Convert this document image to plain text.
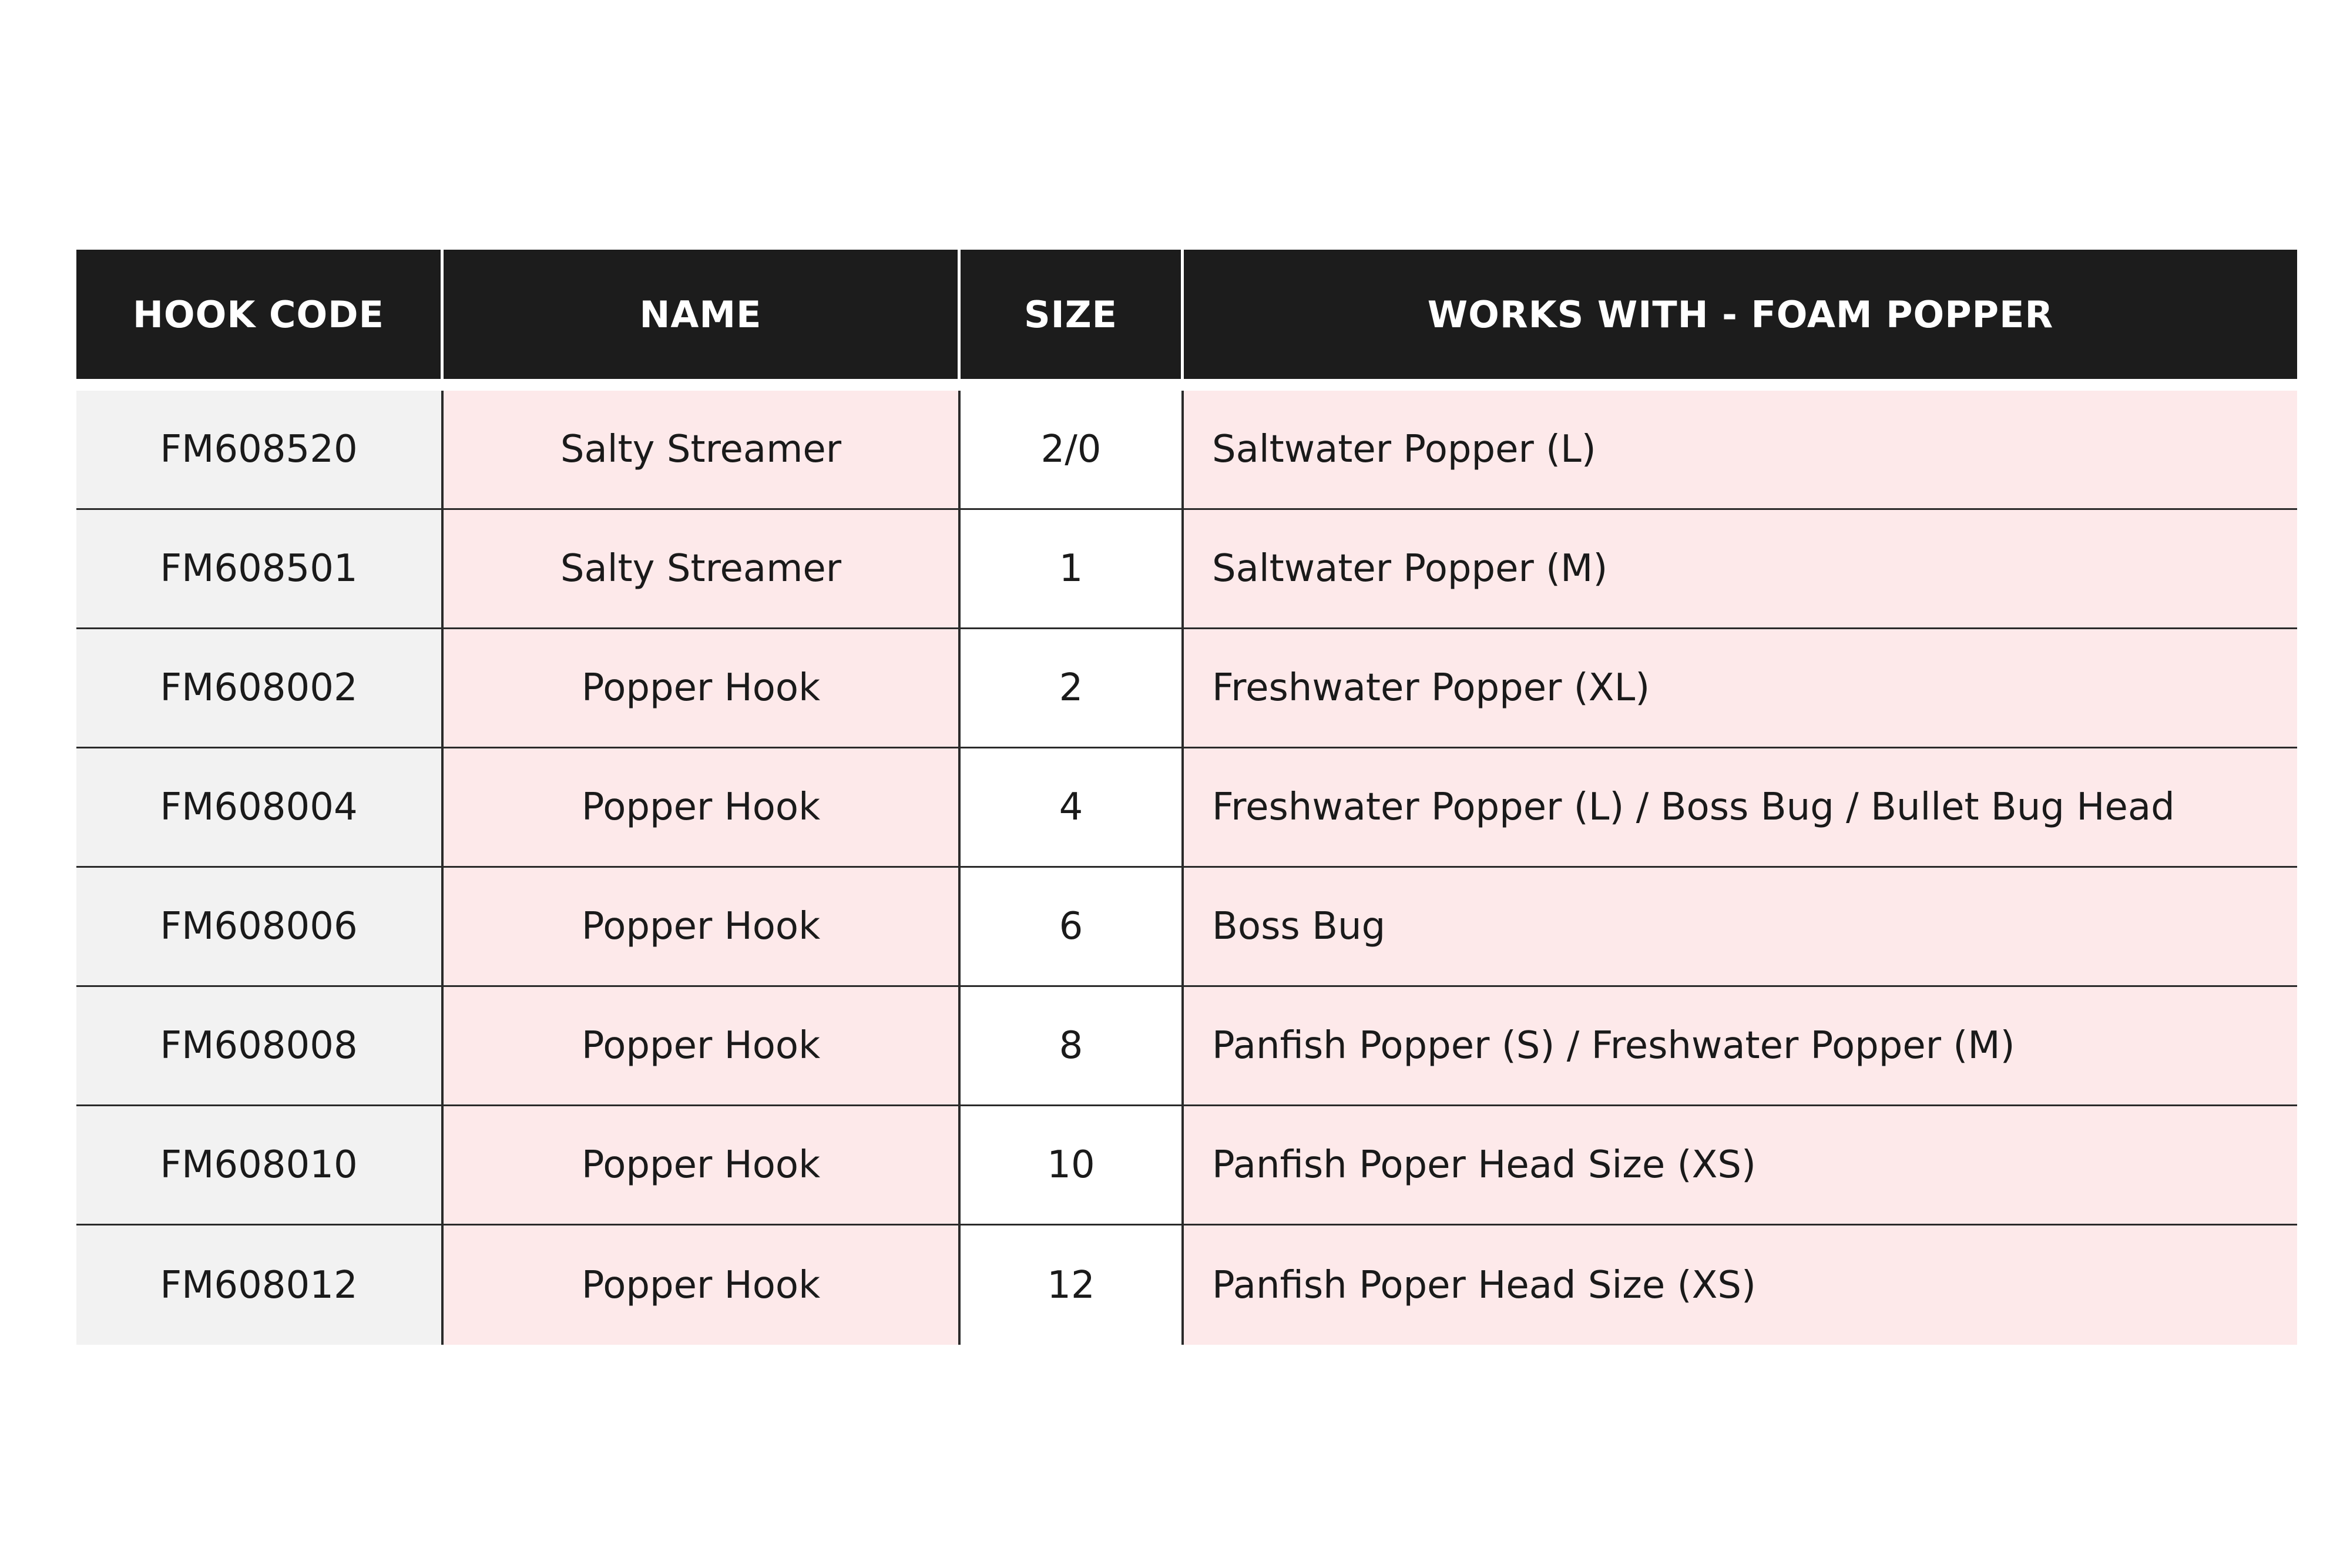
HOOK CODE	NAME	SIZE	WORKS WITH - FOAM POPPER
FM608520	Salty Streamer	2/0	Saltwater Popper (L)
FM608501	Salty Streamer	1	Saltwater Popper (M)
FM608002	Popper Hook	2	Freshwater Popper (XL)
FM608004	Popper Hook	4	Freshwater Popper (L) / Boss Bug / Bullet Bug Head
FM608006	Popper Hook	6	Boss Bug
FM608008	Popper Hook	8	Panfish Popper (S) / Freshwater Popper (M)
FM608010	Popper Hook	10	Panfish Poper Head Size (XS)
FM608012	Popper Hook	12	Panfish Poper Head Size (XS)
